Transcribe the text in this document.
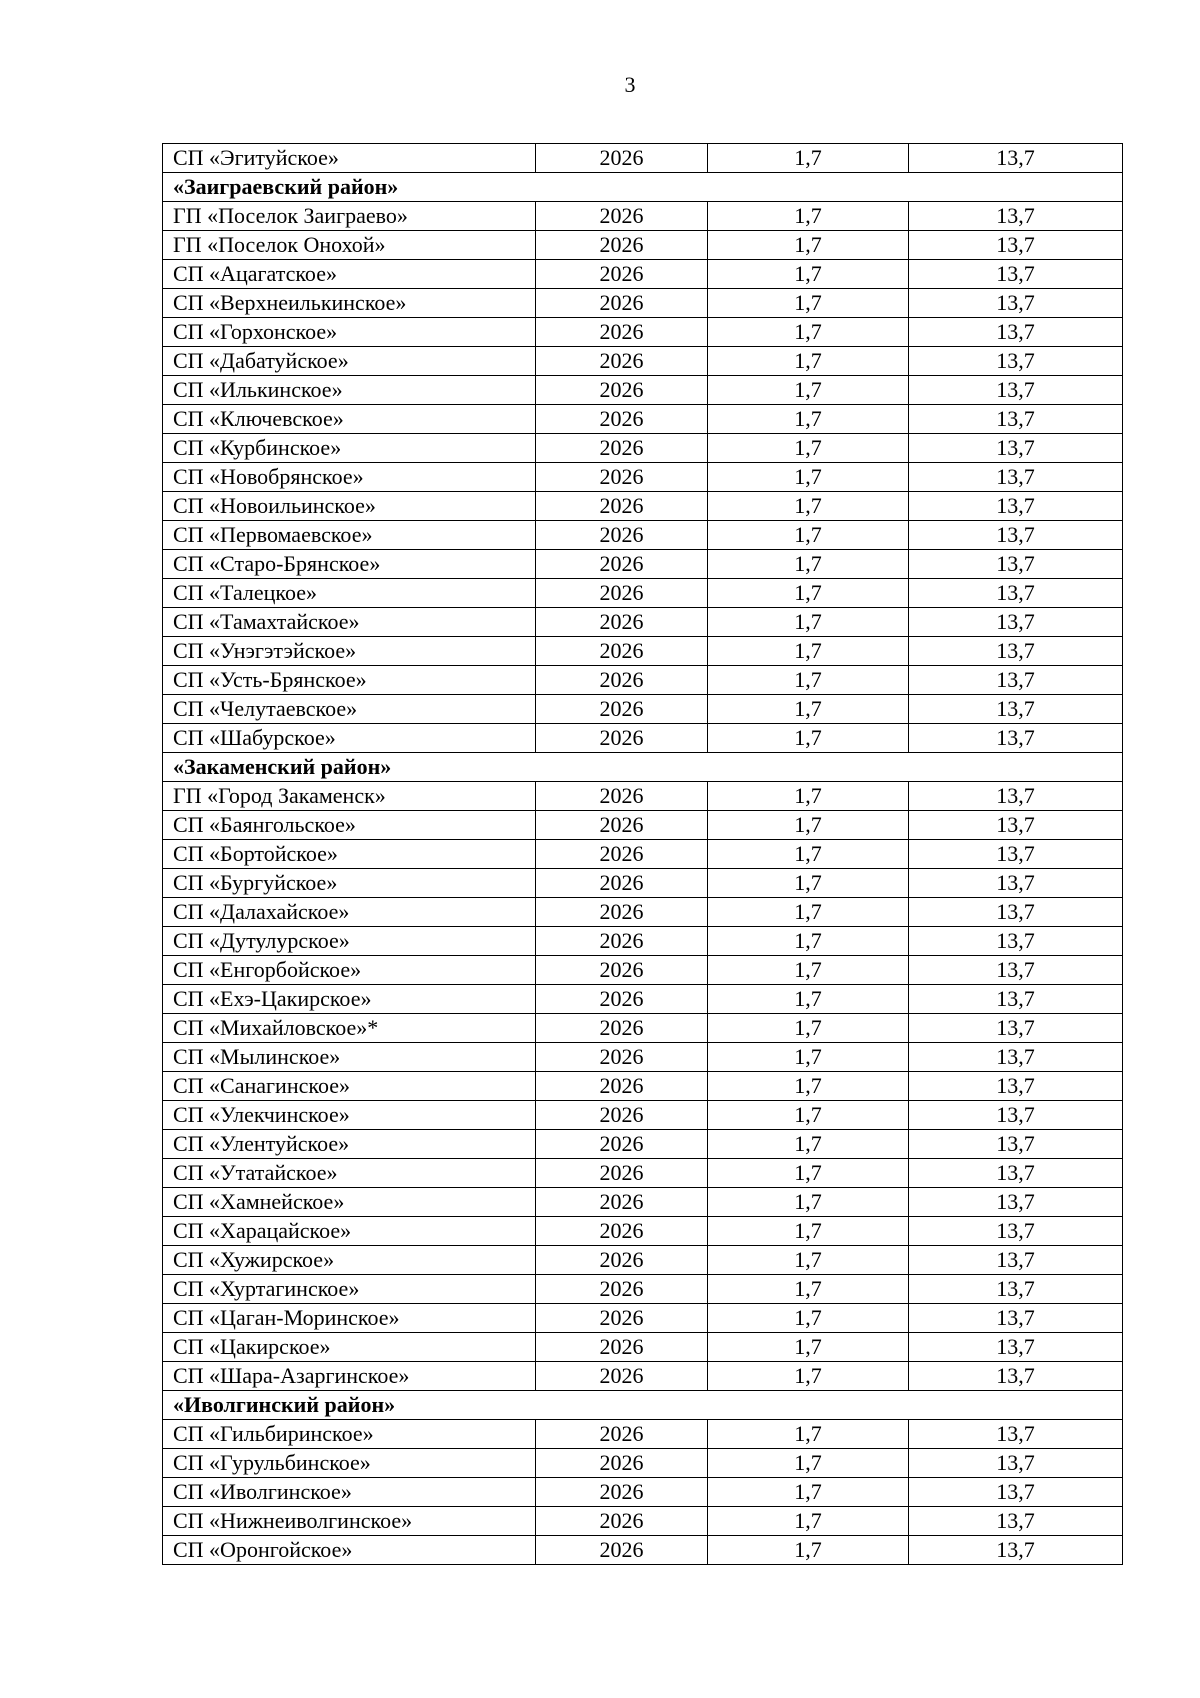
3
СП «Эгитуйское»	2026	1,7	13,7
«Заиграевский район»			
ГП «Поселок Заиграево»	2026	1,7	13,7
ГП «Поселок Онохой»	2026	1,7	13,7
СП «Ацагатское»	2026	1,7	13,7
СП «Верхнеилькинское»	2026	1,7	13,7
СП «Горхонское»	2026	1,7	13,7
СП «Дабатуйское»	2026	1,7	13,7
СП «Илькинское»	2026	1,7	13,7
СП «Ключевское»	2026	1,7	13,7
СП «Курбинское»	2026	1,7	13,7
СП «Новобрянское»	2026	1,7	13,7
СП «Новоильинское»	2026	1,7	13,7
СП «Первомаевское»	2026	1,7	13,7
СП «Старо-Брянское»	2026	1,7	13,7
СП «Талецкое»	2026	1,7	13,7
СП «Тамахтайское»	2026	1,7	13,7
СП «Унэгэтэйское»	2026	1,7	13,7
СП «Усть-Брянское»	2026	1,7	13,7
СП «Челутаевское»	2026	1,7	13,7
СП «Шабурское»	2026	1,7	13,7
«Закаменский район»			
ГП «Город Закаменск»	2026	1,7	13,7
СП «Баянгольское»	2026	1,7	13,7
СП «Бортойское»	2026	1,7	13,7
СП «Бургуйское»	2026	1,7	13,7
СП «Далахайское»	2026	1,7	13,7
СП «Дутулурское»	2026	1,7	13,7
СП «Енгорбойское»	2026	1,7	13,7
СП «Ехэ-Цакирское»	2026	1,7	13,7
СП «Михайловское»*	2026	1,7	13,7
СП «Мылинское»	2026	1,7	13,7
СП «Санагинское»	2026	1,7	13,7
СП «Улекчинское»	2026	1,7	13,7
СП «Улентуйское»	2026	1,7	13,7
СП «Утатайское»	2026	1,7	13,7
СП «Хамнейское»	2026	1,7	13,7
СП «Харацайское»	2026	1,7	13,7
СП «Хужирское»	2026	1,7	13,7
СП «Хуртагинское»	2026	1,7	13,7
СП «Цаган-Моринское»	2026	1,7	13,7
СП «Цакирское»	2026	1,7	13,7
СП «Шара-Азаргинское»	2026	1,7	13,7
«Иволгинский район»			
СП «Гильбиринское»	2026	1,7	13,7
СП «Гурульбинское»	2026	1,7	13,7
СП «Иволгинское»	2026	1,7	13,7
СП «Нижнеиволгинское»	2026	1,7	13,7
СП «Оронгойское»	2026	1,7	13,7
